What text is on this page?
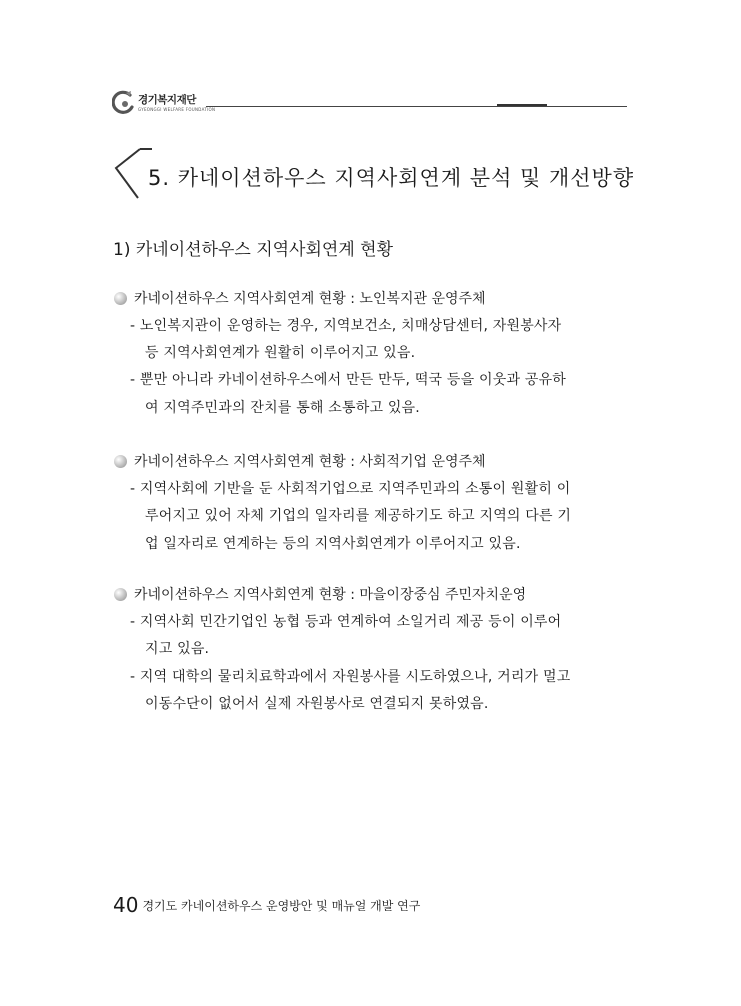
경기복지재단
GYEONGGI WELFARE FOUNDATION
5. 카네이션하우스 지역사회연계 분석 및 개선방향
1) 카네이션하우스 지역사회연계 현황
카네이션하우스 지역사회연계 현황 : 노인복지관 운영주체
- 노인복지관이 운영하는 경우, 지역보건소, 치매상담센터, 자원봉사자
등 지역사회연계가 원활히 이루어지고 있음.
- 뿐만 아니라 카네이션하우스에서 만든 만두, 떡국 등을 이웃과 공유하
여 지역주민과의 잔치를 통해 소통하고 있음.
카네이션하우스 지역사회연계 현황 : 사회적기업 운영주체
- 지역사회에 기반을 둔 사회적기업으로 지역주민과의 소통이 원활히 이
루어지고 있어 자체 기업의 일자리를 제공하기도 하고 지역의 다른 기
업 일자리로 연계하는 등의 지역사회연계가 이루어지고 있음.
카네이션하우스 지역사회연계 현황 : 마을이장중심 주민자치운영
- 지역사회 민간기업인 농협 등과 연계하여 소일거리 제공 등이 이루어
지고 있음.
- 지역 대학의 물리치료학과에서 자원봉사를 시도하였으나, 거리가 멀고
이동수단이 없어서 실제 자원봉사로 연결되지 못하였음.
40 경기도 카네이션하우스 운영방안 및 매뉴얼 개발 연구
